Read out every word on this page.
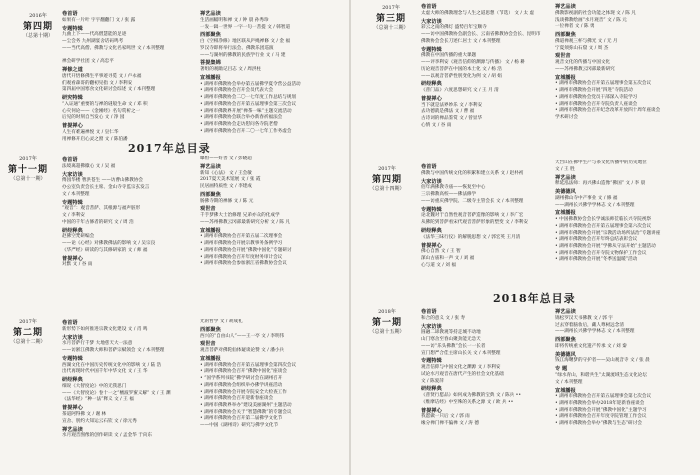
2016年
第四期
（总第十期）
卷首语
如果有一片叶 宇宇翻翻门 文 / 张 露
专题特辑
九曲上下——代高僧慧能的足迹
—尘会务 九州湖宴舍话码鸣考
——当代高僧、佛教与文化名家鸣世 文 / 本刊整理

禅会研学社团 文 / 高忠平
禅修之道
唐代开悟修佛生平事迹寻觅 文 / 卢永福
们观看森哥的翻初见指 文 / 李利安
第四届中国寒食文化研讨会综述 文 / 本刊整理
研究特辑
“入证通”重要的与禅的谜般生命 文 / 邓 积
心灾何论——《金刚经》名句赏析之一
后见的时刻自当发心 文 / 净 园
普提禅心
人生有难遍禅悦 文 / 皇仁华
用禅修开启心灵之窗 文 / 陈伯潘
禅艺品读
生活画幅明和禅 文 / 钟 晨 孙秀珍
一发一辑一世界 一字一句一菩提 文 / 韩智道
西部聚焦
白《空相净修》地区联从庐绳禅修 文 / 金 福
罗汉寺即将举行法会、佛教乐团巡演
——与湖州的佛教的民族学行业 文 / 马 建
菩提集锦
著组的观瞻记目志 文 / 周洪柱
宣城播报
• 湖州市佛教协会举办第五届佛学夏令营公益活动
• 湖州市佛教协会召开会员代表大会
• 湖州市佛教协会二〇一七年度工作总结与规划
• 湖州市佛教协会召开第五届理事会第三次会议
• 湖州市佛教界开展“禅茶一味”主题交流活动
• 湖州市佛教协会联合举办新春祈福法会
• 湖州市佛教协会走访慰问各寺院老僧
• 湖州市佛教协会召开二〇一七年工作务虚会
2017年总目录
2017年
第十一期
（总第十一期）
卷首语
法境离超佛徽心 文 / 吴 福
大家访谈
傅园华楼 曹洪苍生 ——访曹山佛教协会
办公室负责会长主席、金山寺寺监宗玄发言
文 / 本刊整理
专题特辑
“观音”：观音菩萨、其根源与福声脏形
文 / 李利安
中国的千年古修者的研究 文 / 周 浩
研经释典
赵佛空梵研编会
——论《心经》对佛教佛法的影响 文 / 吴宗良
《华严经》研读的与其修研家的 文 / 师 福
普提禅心
对默 文 / 谷 雨
曝恒——好善 文 / 彭晓超
禅艺品读
新知《心法》 文 / 王会敏
2017夏天美术馆展 文 / 张 霞
民居画特质性 文 / 李建成
西部聚焦
肠佛寺期的禅修 文 / 陈 元
观世音
千手梦佛大士治修理 兄弟亦众的化成学
——苏州佛教云冈部最新研究分析 文 / 陈 凡
宣城播报
• 湖州市佛教协会召开第五届二次理事会
• 湖州市佛教协会开展宗教事务条例学习
• 湖州市佛教协会开展“佛教中国化”专题研讨
• 湖州市佛教协会召开年度财务审计会议
• 湖州市佛教协会参加浙江省佛教协会会议
2017年
第二期
（总第十二期）
卷首语
新形势下如何推进宗教文化建设 文 / 肖 鸣
大家访谈
水月菩萨行千梦 大地慈天大一法意
——访浙江佛教大师和菩萨宗赋领会 文 / 本刊整理
专题特辑
西湖文化在中国历史传统文化中的影响 文 / 陆 浩
出代再现时代中国千年中华文化 文 / 王 华
研经释典
细说《大智度论》中的无我思门
——《大智度论》卷十一之“檀波罗蜜义解” 文 / 王 渊
《法华经》“种一法”释义 文 / 王 福
普提禅心
茶道阿得佛 文 / 谢 林
宣舍、别约大知运云石钦 文 / 徐元秀
禅艺品读
水月观音图像的创作研读 文 / 孟金华 于向东
光的哲学 文 / 胡成礼
西部聚焦
西兴的“自由山人”——王一亭 文 / 李明伟
观世音
观音菩萨对佛陀仙体疑谈论赞 文 / 潘小兵
宣城播报
• 湖州市佛教协会召开第五届理事会第四次会议
• 湖州市佛教协会召开“佛教中国化”座谈会
• “国学系列书院”佛学研讨会在湖州召开
• 湖州市佛教协会组织举办佛学讲座活动
• 湖州市佛教协会开展寺院安全大检查工作
• 湖州市佛教协会召开迎新春座谈会
• 湖州市佛教界举办“建设美丽湖州”主题活动
• 湖州市佛教协会关于“智慧佛教”的专题会议
• 湖州市佛教协会召开第二届佛学文化节
——中国《湖州诗》研究与佛学文化节
2017年
第三期
（总第十三期）
卷首语
太虚大师的佛教理念与人生之道思想（节选） 文 / 太 虚
大家访谈
彩云之南的佛灯 盛势百年宝顺寺
——访中国佛教协会副会长、云南省佛教协会会长、昆明市
佛教协会会长刀述仁居士 文 / 本刊整理
专题特辑
佛教在中国传播的重大课题
——评李利安《观音信仰的渊源与传播》 文 / 杨 耕
历论观音菩萨在中国的本土化 文 / 杨 浩
——以观音菩萨性别变化为例 文 / 胡 娟
研经释典
《普门品》六度思想研究 文 / 王 月 清
普提禅心
当下就是法界妙乐 文 / 李利安
去功德就是佛法 文 / 曹 福
古诗词的禅品鉴赏 文 / 曾显华
心情 文 / 谷 雨
禅艺品读
佛教影视剧的社会功能之体现 文 / 陈 凡
浅谈佛教绘画“水月观音” 文 / 陈 元
一位禅者 文 / 陈 勇
西部聚焦
佛道禅观三杯与佛光 文 / 无 月
宁夏须弥山石窟 文 / 周 杰
观世音
观音文化的传播与中国文化
——苏州佛教云冈部最新研究
宣城播报
• 湖州市佛教协会召开第五届理事会第五次会议
• 湖州市佛教协会开展“四进”寺院活动
• 湖州市佛教协会党员干部深入寺院学习
• 湖州市佛教协会召开寺院负责人座谈会
• 湖州市佛教协会召开纪念改革开放四十周年座谈会
学术研讨会
2017年
第四期
（总第十四期）
卷首语
佛教与中国传统文化的积累和建立关系 文 / 赵朴初
大家访谈
佰年满佛教寺庙——恢复至中心
三宗佛教高校——佛法修学
——访重庆佛学院、二级寺主管会长 文 / 本刊整理
专题特辑
论北魏对于自然性观音菩萨造像的影响 文 / 李广宏
从佛陀到菩萨看宋代观音菩萨形象的塑变 文 / 李利安
研经释典
《法华三昧行仪》的解脱思想 文 / 郭宏英 王月清
普提禅心
佛心自然 文 / 王 智
深山古庙和一声 文 / 刘 福
心与道 文 / 刘 福
天台山在佛中生产与茶文化传播中的历史地位
文 / 王 胜
禅艺品读
释延泓法师：再兴佛山造像“佛国” 文 / 李 晨
美德德风
湖州佛山寺中产事业 文 / 修 福
——湖州长兴佛学学林志 文 / 本刊整理
宣城播报
• 中国佛教协会会长学诚法师莅临长兴寺院视察
• 湖州市佛教协会召开第五届理事会第六次会议
• 湖州市佛教协会开展“宗教活动场所法治”专题讲座
• 湖州市佛教协会召开年终总结表彰会议
• 湖州市佛教协会开展“学佛从守法开始”主题活动
• 湖州市佛教协会召开寺院文物保护工作会议
• 湖州市佛教协会开展“冬季送温暖”活动
2018年总目录
2018年
第一期
（总第十五期）
卷首语
和合的意义 文 / 张 寿
大家访谈
圆融二谛教观等持走城不动地
山门寒舍至春山聚劲能无急天
——访“乐头佛教”会长一一长者
宣门想严合佳主席山长关 文 / 本刊整理
专题特辑
观音信仰与中国文化之渊源 文 / 李利安
试论水月观音在唐代产生的社会文化基础
文 / 陈爱萍
研经释典
《普贤行愿品》如何成为佛教的宝典 文 / 陈兵 ••
《维摩诘经》中至殊的关系之源 文 / 欧 兵 ••
普提禅心
我愿做一只后 文 / 郭 雨
缘分禅门禅不偏禅 文 / 涛 德
禅艺品读
锦松罗汉天书佛教 文 / 郭 宇
过去穿着脑妆后，藏人尊树远念清
——湖州长兴佛学学林志 文 / 本刊整理
西部聚焦
即将传统重文化遗产传承 文 / 刘 秦
美德德风
钱江海曙梦的守护者——吴山观音寺 文 / 张 晨
专 题
“绿水青山，和谐共生”太湖流域生态文化论坛
文 / 本刊整理
宣城播报
• 湖州市佛教协会召开第五届理事会第七次会议
• 湖州市佛教协会举办2018年迎新春座谈会
• 湖州市佛教协会开展“佛教中国化”主题学习
• 湖州市佛教协会召开年度寺院管理工作会议
• 湖州市佛教协会举办“佛教与生态”研讨会
